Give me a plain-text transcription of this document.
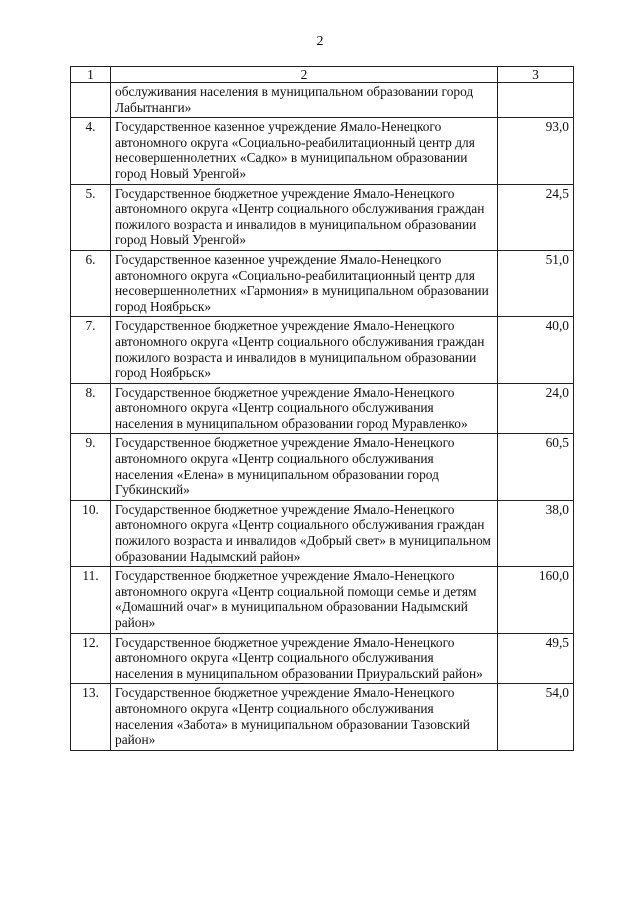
2
1	2	3
	обслуживания населения в муниципальном образовании город Лабытнанги»	
4.	Государственное казенное учреждение Ямало-Ненецкого автономного округа «Социально-реабилитационный центр для несовершеннолетних «Садко» в муниципальном образовании город Новый Уренгой»	93,0
5.	Государственное бюджетное учреждение Ямало-Ненецкого автономного округа «Центр социального обслуживания граждан пожилого возраста и инвалидов в муниципальном образовании город Новый Уренгой»	24,5
6.	Государственное казенное учреждение Ямало-Ненецкого автономного округа «Социально-реабилитационный центр для несовершеннолетних «Гармония» в муниципальном образовании город Ноябрьск»	51,0
7.	Государственное бюджетное учреждение Ямало-Ненецкого автономного округа «Центр социального обслуживания граждан пожилого возраста и инвалидов в муниципальном образовании город Ноябрьск»	40,0
8.	Государственное бюджетное учреждение Ямало-Ненецкого автономного округа «Центр социального обслуживания населения в муниципальном образовании город Муравленко»	24,0
9.	Государственное бюджетное учреждение Ямало-Ненецкого автономного округа «Центр социального обслуживания населения «Елена» в муниципальном образовании город Губкинский»	60,5
10.	Государственное бюджетное учреждение Ямало-Ненецкого автономного округа «Центр социального обслуживания граждан пожилого возраста и инвалидов «Добрый свет» в муниципальном образовании Надымский район»	38,0
11.	Государственное бюджетное учреждение Ямало-Ненецкого автономного округа «Центр социальной помощи семье и детям «Домашний очаг» в муниципальном образовании Надымский район»	160,0
12.	Государственное бюджетное учреждение Ямало-Ненецкого автономного округа «Центр социального обслуживания населения в муниципальном образовании Приуральский район»	49,5
13.	Государственное бюджетное учреждение Ямало-Ненецкого автономного округа «Центр социального обслуживания населения «Забота» в муниципальном образовании Тазовский район»	54,0
